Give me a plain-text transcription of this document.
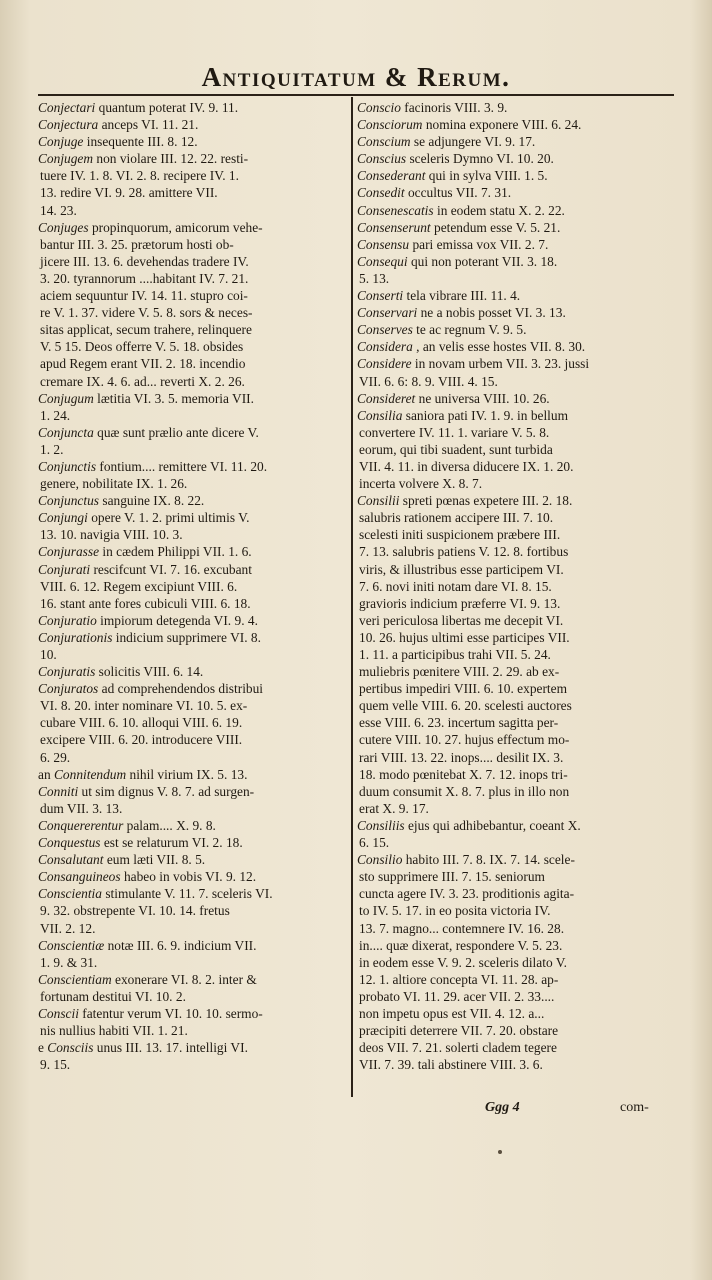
Antiquitatum & Rerum.
Conjectari quantum poterat IV. 9. 11.
Conjectura anceps VI. 11. 21.
Conjuge insequente III. 8. 12.
Conjugem non violare III. 12. 22. resti-
tuere IV. 1. 8. VI. 2. 8. recipere IV. 1.
13. redire VI. 9. 28. amittere VII.
14. 23.
Conjuges propinquorum, amicorum vehe-
bantur III. 3. 25. prætorum hosti ob-
jicere III. 13. 6. devehendas tradere IV.
3. 20. tyrannorum ....habitant IV. 7. 21.
aciem sequuntur IV. 14. 11. stupro coi-
re V. 1. 37. videre V. 5. 8. sors & neces-
sitas applicat, secum trahere, relinquere
V. 5 15. Deos offerre V. 5. 18. obsides
apud Regem erant VII. 2. 18. incendio
cremare IX. 4. 6. ad... reverti X. 2. 26.
Conjugum lætitia VI. 3. 5. memoria VII.
1. 24.
Conjuncta quæ sunt prælio ante dicere V.
1. 2.
Conjunctis fontium.... remittere VI. 11. 20.
genere, nobilitate IX. 1. 26.
Conjunctus sanguine IX. 8. 22.
Conjungi opere V. 1. 2. primi ultimis V.
13. 10. navigia VIII. 10. 3.
Conjurasse in cædem Philippi VII. 1. 6.
Conjurati rescifcunt VI. 7. 16. excubant
VIII. 6. 12. Regem excipiunt VIII. 6.
16. stant ante fores cubiculi VIII. 6. 18.
Conjuratio impiorum detegenda VI. 9. 4.
Conjurationis indicium supprimere VI. 8.
10.
Conjuratis solicitis VIII. 6. 14.
Conjuratos ad comprehendendos distribui
VI. 8. 20. inter nominare VI. 10. 5. ex-
cubare VIII. 6. 10. alloqui VIII. 6. 19.
excipere VIII. 6. 20. introducere VIII.
6. 29.
an Connitendum nihil virium IX. 5. 13.
Conniti ut sim dignus V. 8. 7. ad surgen-
dum VII. 3. 13.
Conquererentur palam.... X. 9. 8.
Conquestus est se relaturum VI. 2. 18.
Consalutant eum læti VII. 8. 5.
Consanguineos habeo in vobis VI. 9. 12.
Conscientia stimulante V. 11. 7. sceleris VI.
9. 32. obstrepente VI. 10. 14. fretus
VII. 2. 12.
Conscientiæ notæ III. 6. 9. indicium VII.
1. 9. & 31.
Conscientiam exonerare VI. 8. 2. inter &
fortunam destitui VI. 10. 2.
Conscii fatentur verum VI. 10. 10. sermo-
nis nullius habiti VII. 1. 21.
e Consciis unus III. 13. 17. intelligi VI.
9. 15.
Conscio facinoris VIII. 3. 9.
Consciorum nomina exponere VIII. 6. 24.
Conscium se adjungere VI. 9. 17.
Conscius sceleris Dymno VI. 10. 20.
Consederant qui in sylva VIII. 1. 5.
Consedit occultus VII. 7. 31.
Consenescatis in eodem statu X. 2. 22.
Consenserunt petendum esse V. 5. 21.
Consensu pari emissa vox VII. 2. 7.
Consequi qui non poterant VII. 3. 18.
5. 13.
Conserti tela vibrare III. 11. 4.
Conservari ne a nobis posset VI. 3. 13.
Conserves te ac regnum V. 9. 5.
Considera , an velis esse hostes VII. 8. 30.
Considere in novam urbem VII. 3. 23. jussi
VII. 6. 6: 8. 9. VIII. 4. 15.
Consideret ne universa VIII. 10. 26.
Consilia saniora pati IV. 1. 9. in bellum
convertere IV. 11. 1. variare V. 5. 8.
eorum, qui tibi suadent, sunt turbida
VII. 4. 11. in diversa diducere IX. 1. 20.
incerta volvere X. 8. 7.
Consilii spreti pœnas expetere III. 2. 18.
salubris rationem accipere III. 7. 10.
scelesti initi suspicionem præbere III.
7. 13. salubris patiens V. 12. 8. fortibus
viris, & illustribus esse participem VI.
7. 6. novi initi notam dare VI. 8. 15.
gravioris indicium præferre VI. 9. 13.
veri periculosa libertas me decepit VI.
10. 26. hujus ultimi esse participes VII.
1. 11. a participibus trahi VII. 5. 24.
muliebris pœnitere VIII. 2. 29. ab ex-
pertibus impediri VIII. 6. 10. expertem
quem velle VIII. 6. 20. scelesti auctores
esse VIII. 6. 23. incertum sagitta per-
cutere VIII. 10. 27. hujus effectum mo-
rari VIII. 13. 22. inops.... desilit IX. 3.
18. modo pœnitebat X. 7. 12. inops tri-
duum consumit X. 8. 7. plus in illo non
erat X. 9. 17.
Consiliis ejus qui adhibebantur, coeant X.
6. 15.
Consilio habito III. 7. 8. IX. 7. 14. scele-
sto supprimere III. 7. 15. seniorum
cuncta agere IV. 3. 23. proditionis agita-
to IV. 5. 17. in eo posita victoria IV.
13. 7. magno... contemnere IV. 16. 28.
in.... quæ dixerat, respondere V. 5. 23.
in eodem esse V. 9. 2. sceleris dilato V.
12. 1. altiore concepta VI. 11. 28. ap-
probato VI. 11. 29. acer VII. 2. 33....
non impetu opus est VII. 4. 12. a...
præcipiti deterrere VII. 7. 20. obstare
deos VII. 7. 21. solerti cladem tegere
VII. 7. 39. tali abstinere VIII. 3. 6.
Ggg 4	com-
